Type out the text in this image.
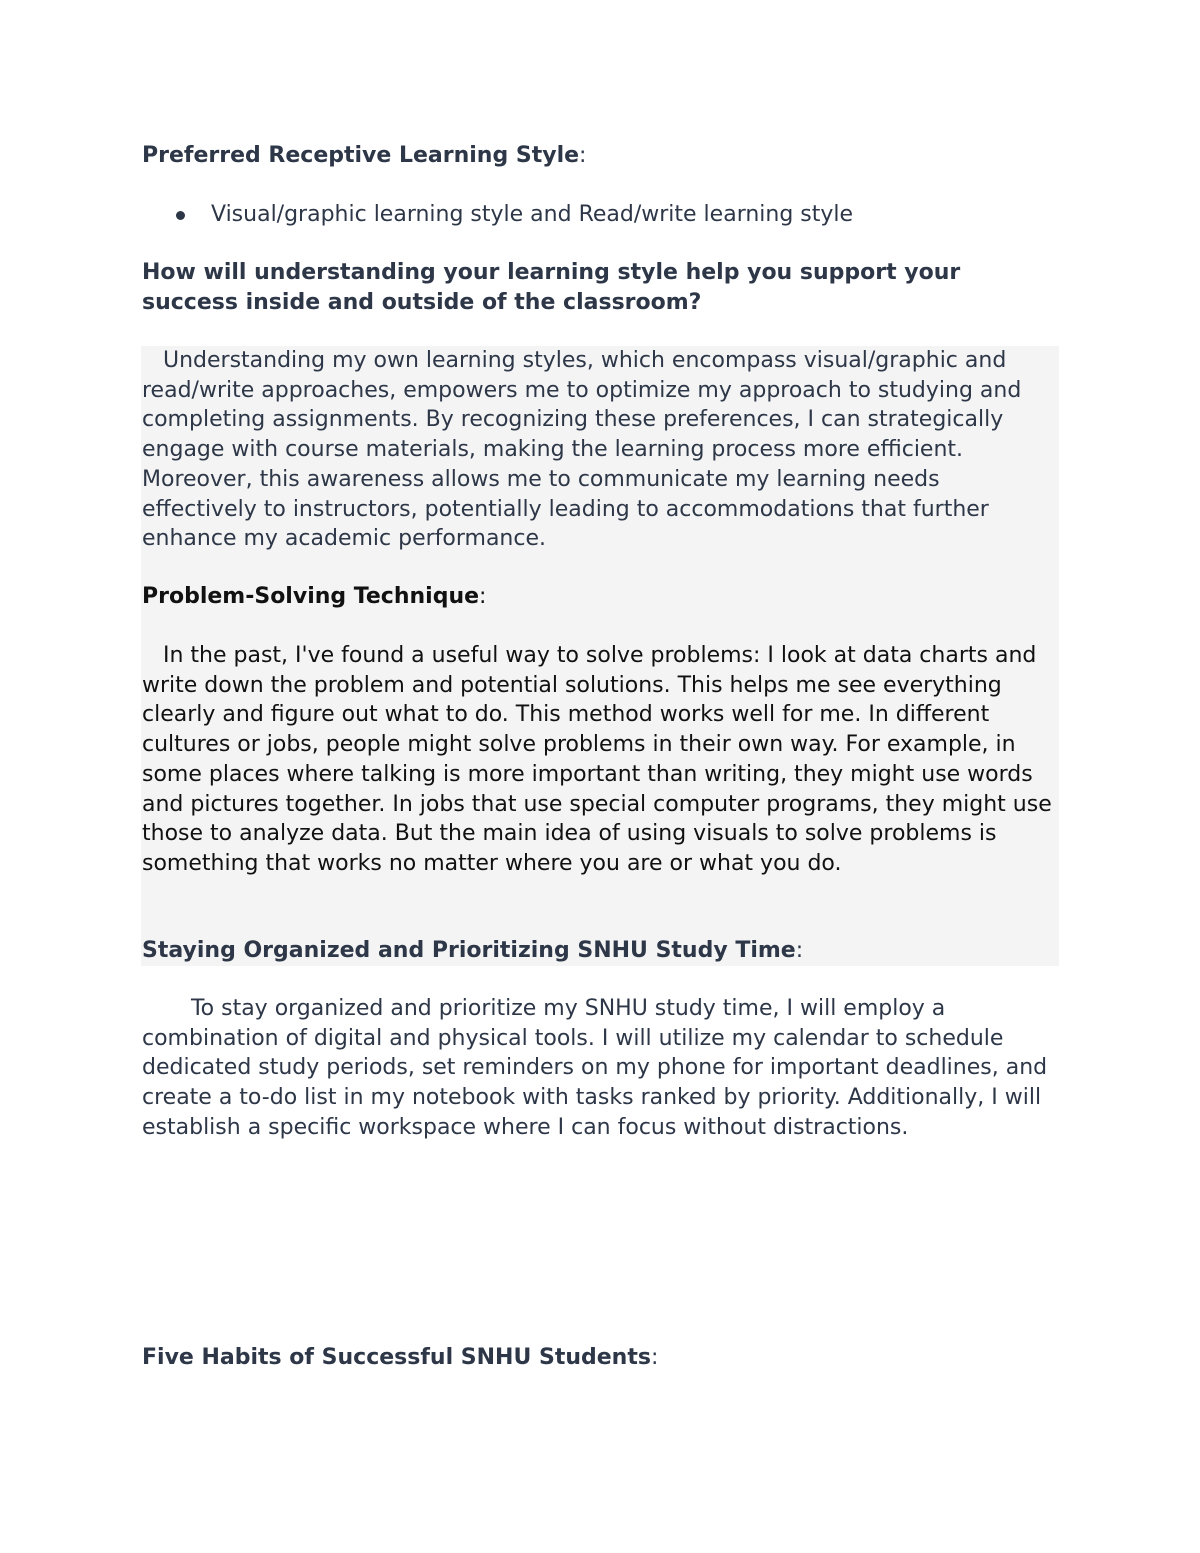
Preferred Receptive Learning Style:

Visual/graphic learning style and Read/write learning style

How will understanding your learning style help you support your success inside and outside of the classroom?

Understanding my own learning styles, which encompass visual/graphic and read/write approaches, empowers me to optimize my approach to studying and completing assignments. By recognizing these preferences, I can strategically engage with course materials, making the learning process more efficient. Moreover, this awareness allows me to communicate my learning needs effectively to instructors, potentially leading to accommodations that further enhance my academic performance.

Problem-Solving Technique:

In the past, I've found a useful way to solve problems: I look at data charts and write down the problem and potential solutions. This helps me see everything clearly and figure out what to do. This method works well for me. In different cultures or jobs, people might solve problems in their own way. For example, in some places where talking is more important than writing, they might use words and pictures together. In jobs that use special computer programs, they might use those to analyze data. But the main idea of using visuals to solve problems is something that works no matter where you are or what you do.

Staying Organized and Prioritizing SNHU Study Time:

To stay organized and prioritize my SNHU study time, I will employ a combination of digital and physical tools. I will utilize my calendar to schedule dedicated study periods, set reminders on my phone for important deadlines, and create a to-do list in my notebook with tasks ranked by priority. Additionally, I will establish a specific workspace where I can focus without distractions.

Five Habits of Successful SNHU Students:
